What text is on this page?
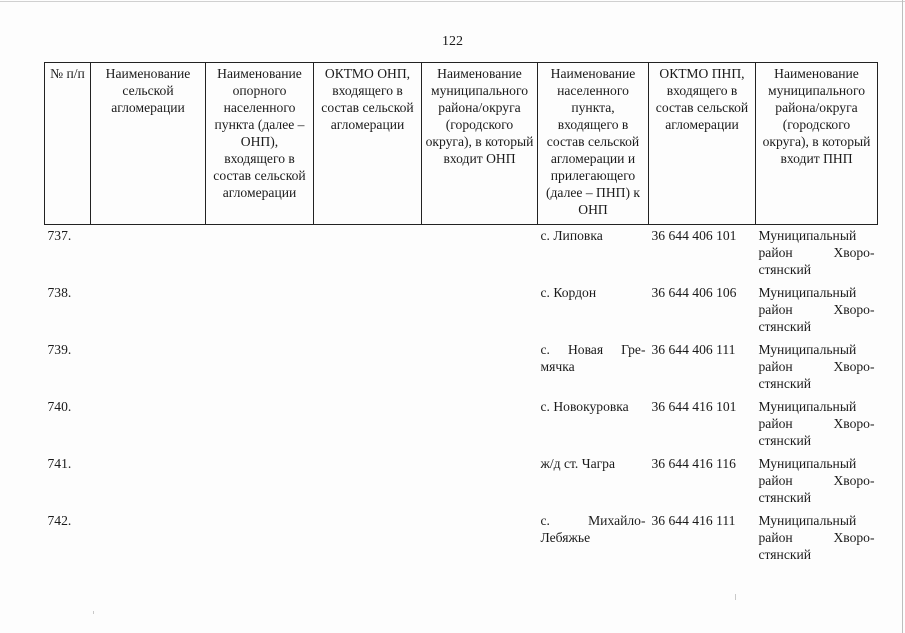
122
№ п/п	Наименование сельской агломерации	Наименование опорного населенного пункта (далее – ОНП), входящего в состав сельской агломерации	ОКТМО ОНП, входящего в состав сельской агломерации	Наименование муниципального района/округа (городского округа), в который входит ОНП	Наименование населенного пункта, входящего в состав сельской агломерации и прилегающего (далее – ПНП) к ОНП	ОКТМО ПНП, входящего в состав сельской агломерации	Наименование муниципального района/округа (городского округа), в который входит ПНП
737.					с. Липовка	36 644 406 101	Муниципальный
район Хворо-
стянский

738.					с. Кордон	36 644 406 106	Муниципальный
район Хворо-
стянский

739.					с. Новая Гре-
мячка	36 644 406 111	Муниципальный
район Хворо-
стянский

740.					с. Новокуровка	36 644 416 101	Муниципальный
район Хворо-
стянский

741.					ж/д ст. Чагра	36 644 416 116	Муниципальный
район Хворо-
стянский

742.					с. Михайло-
Лебяжье	36 644 416 111	Муниципальный
район Хворо-
стянский
